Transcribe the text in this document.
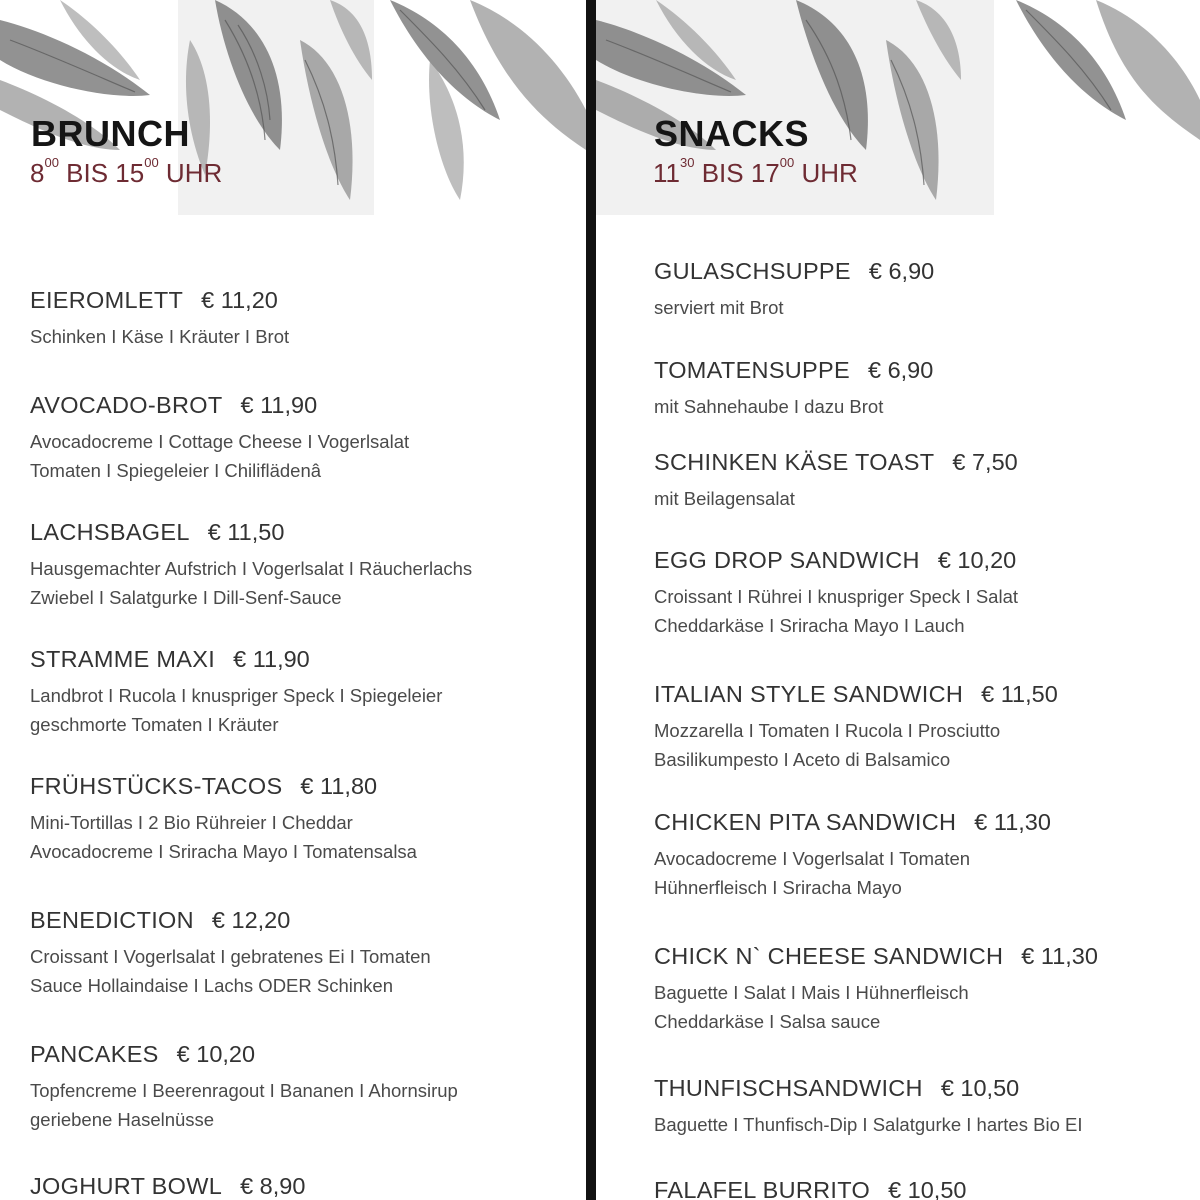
BRUNCH
$8^{00}$ BIS $15^{00}$ UHR
EIEROMLETT € 11,20
Schinken I Käse I Kräuter I Brot
AVOCADO-BROT € 11,90
Avocadocreme I Cottage Cheese I Vogerlsalat
Tomaten I Spiegeleier I Chiliflädenâ
LACHSBAGEL € 11,50
Hausgemachter Aufstrich I Vogerlsalat I Räucherlachs
Zwiebel I Salatgurke I Dill-Senf-Sauce
STRAMME MAXI € 11,90
Landbrot I Rucola I knuspriger Speck I Spiegeleier
geschmorte Tomaten I Kräuter
FRÜHSTÜCKS-TACOS € 11,80
Mini-Tortillas I 2 Bio Rühreier I Cheddar
Avocadocreme I Sriracha Mayo I Tomatensalsa
BENEDICTION € 12,20
Croissant I Vogerlsalat I gebratenes Ei I Tomaten
Sauce Hollaindaise I Lachs ODER Schinken
PANCAKES € 10,20
Topfencreme I Beerenragout I Bananen I Ahornsirup
geriebene Haselnüsse
JOGHURT BOWL € 8,90
SNACKS
$11^{30}$ BIS $17^{00}$ UHR
GULASCHSUPPE € 6,90
serviert mit Brot
TOMATENSUPPE € 6,90
mit Sahnehaube I dazu Brot
SCHINKEN KÄSE TOAST € 7,50
mit Beilagensalat
EGG DROP SANDWICH € 10,20
Croissant I Rührei I knuspriger Speck I Salat
Cheddarkäse I Sriracha Mayo I Lauch
ITALIAN STYLE SANDWICH € 11,50
Mozzarella I Tomaten I Rucola I Prosciutto
Basilikumpesto I Aceto di Balsamico
CHICKEN PITA SANDWICH € 11,30
Avocadocreme I Vogerlsalat I Tomaten
Hühnerfleisch I Sriracha Mayo
CHICK N` CHEESE SANDWICH € 11,30
Baguette I Salat I Mais I Hühnerfleisch
Cheddarkäse I Salsa sauce
THUNFISCHSANDWICH € 10,50
Baguette I Thunfisch-Dip I Salatgurke I hartes Bio EI
FALAFEL BURRITO € 10,50
